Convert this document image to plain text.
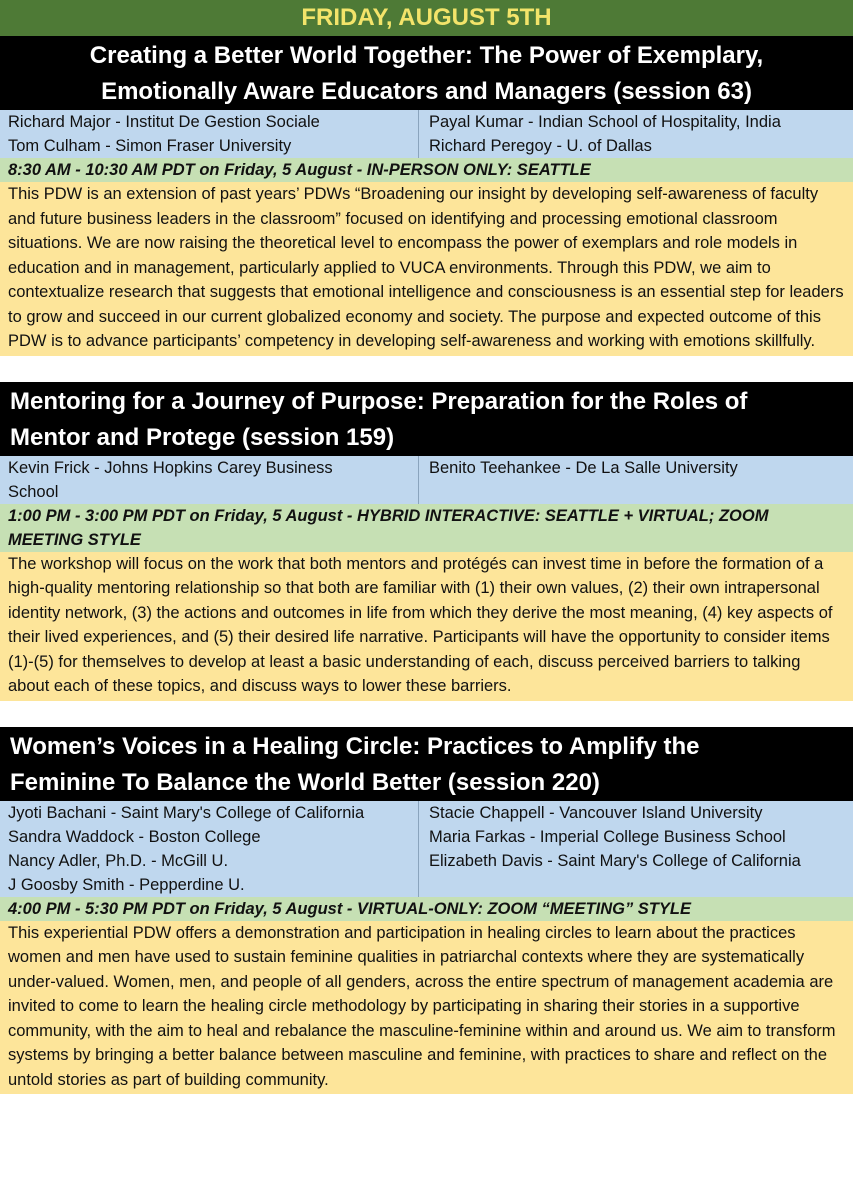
FRIDAY, AUGUST 5TH
Creating a Better World Together: The Power of Exemplary,
Emotionally Aware Educators and Managers (session 63)
Richard Major - Institut De Gestion Sociale
Tom Culham - Simon Fraser University
Payal Kumar - Indian School of Hospitality, India
Richard Peregoy - U. of Dallas
8:30 AM - 10:30 AM PDT on Friday, 5 August - IN-PERSON ONLY: SEATTLE
This PDW is an extension of past years’ PDWs “Broadening our insight by developing self-awareness of faculty and future business leaders in the classroom” focused on identifying and processing emotional classroom situations. We are now raising the theoretical level to encompass the power of exemplars and role models in education and in management, particularly applied to VUCA environments. Through this PDW, we aim to contextualize research that suggests that emotional intelligence and consciousness is an essential step for leaders to grow and succeed in our current globalized economy and society. The purpose and expected outcome of this PDW is to advance participants’ competency in developing self-awareness and working with emotions skillfully.
Mentoring for a Journey of Purpose: Preparation for the Roles of
Mentor and Protege (session 159)
Kevin Frick - Johns Hopkins Carey Business
School
Benito Teehankee - De La Salle University
1:00 PM - 3:00 PM PDT on Friday, 5 August - HYBRID INTERACTIVE: SEATTLE + VIRTUAL; ZOOM MEETING STYLE
The workshop will focus on the work that both mentors and protégés can invest time in before the formation of a high-quality mentoring relationship so that both are familiar with (1) their own values, (2) their own intrapersonal identity network, (3) the actions and outcomes in life from which they derive the most meaning, (4) key aspects of their lived experiences, and (5) their desired life narrative. Participants will have the opportunity to consider items (1)-(5) for themselves to develop at least a basic understanding of each, discuss perceived barriers to talking about each of these topics, and discuss ways to lower these barriers.
Women’s Voices in a Healing Circle: Practices to Amplify the
Feminine To Balance the World Better (session 220)
Jyoti Bachani - Saint Mary's College of California
Sandra Waddock - Boston College
Nancy Adler, Ph.D. - McGill U.
J Goosby Smith - Pepperdine U.
Stacie Chappell - Vancouver Island University
Maria Farkas - Imperial College Business School
Elizabeth Davis - Saint Mary's College of California
4:00 PM - 5:30 PM PDT on Friday, 5 August - VIRTUAL-ONLY: ZOOM “MEETING” STYLE
This experiential PDW offers a demonstration and participation in healing circles to learn about the practices women and men have used to sustain feminine qualities in patriarchal contexts where they are systematically under-valued. Women, men, and people of all genders, across the entire spectrum of management academia are invited to come to learn the healing circle methodology by participating in sharing their stories in a supportive community, with the aim to heal and rebalance the masculine-feminine within and around us. We aim to transform systems by bringing a better balance between masculine and feminine, with practices to share and reflect on the untold stories as part of building community.
